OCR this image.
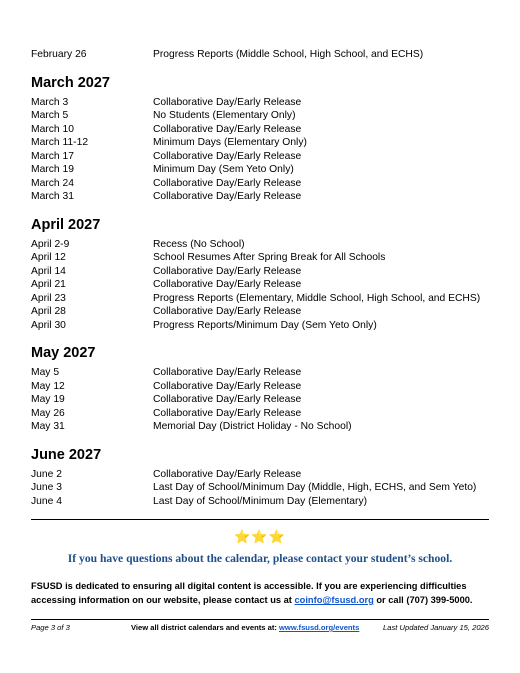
February 26	Progress Reports (Middle School, High School, and ECHS)
March 2027
March 3	Collaborative Day/Early Release
March 5	No Students (Elementary Only)
March 10	Collaborative Day/Early Release
March 11-12	Minimum Days (Elementary Only)
March 17	Collaborative Day/Early Release
March 19	Minimum Day (Sem Yeto Only)
March 24	Collaborative Day/Early Release
March 31	Collaborative Day/Early Release
April 2027
April 2-9	Recess (No School)
April 12	School Resumes After Spring Break for All Schools
April 14	Collaborative Day/Early Release
April 21	Collaborative Day/Early Release
April 23	Progress Reports (Elementary, Middle School, High School, and ECHS)
April 28	Collaborative Day/Early Release
April 30	Progress Reports/Minimum Day (Sem Yeto Only)
May 2027
May 5	Collaborative Day/Early Release
May 12	Collaborative Day/Early Release
May 19	Collaborative Day/Early Release
May 26	Collaborative Day/Early Release
May 31	Memorial Day (District Holiday - No School)
June 2027
June 2	Collaborative Day/Early Release
June 3	Last Day of School/Minimum Day (Middle, High, ECHS, and Sem Yeto)
June 4	Last Day of School/Minimum Day (Elementary)
⭐⭐⭐
If you have questions about the calendar, please contact your student’s school.
FSUSD is dedicated to ensuring all digital content is accessible. If you are experiencing difficulties accessing information on our website, please contact us at coinfo@fsusd.org or call (707) 399-5000.
Page 3 of 3	View all district calendars and events at: www.fsusd.org/events	Last Updated January 15, 2026
